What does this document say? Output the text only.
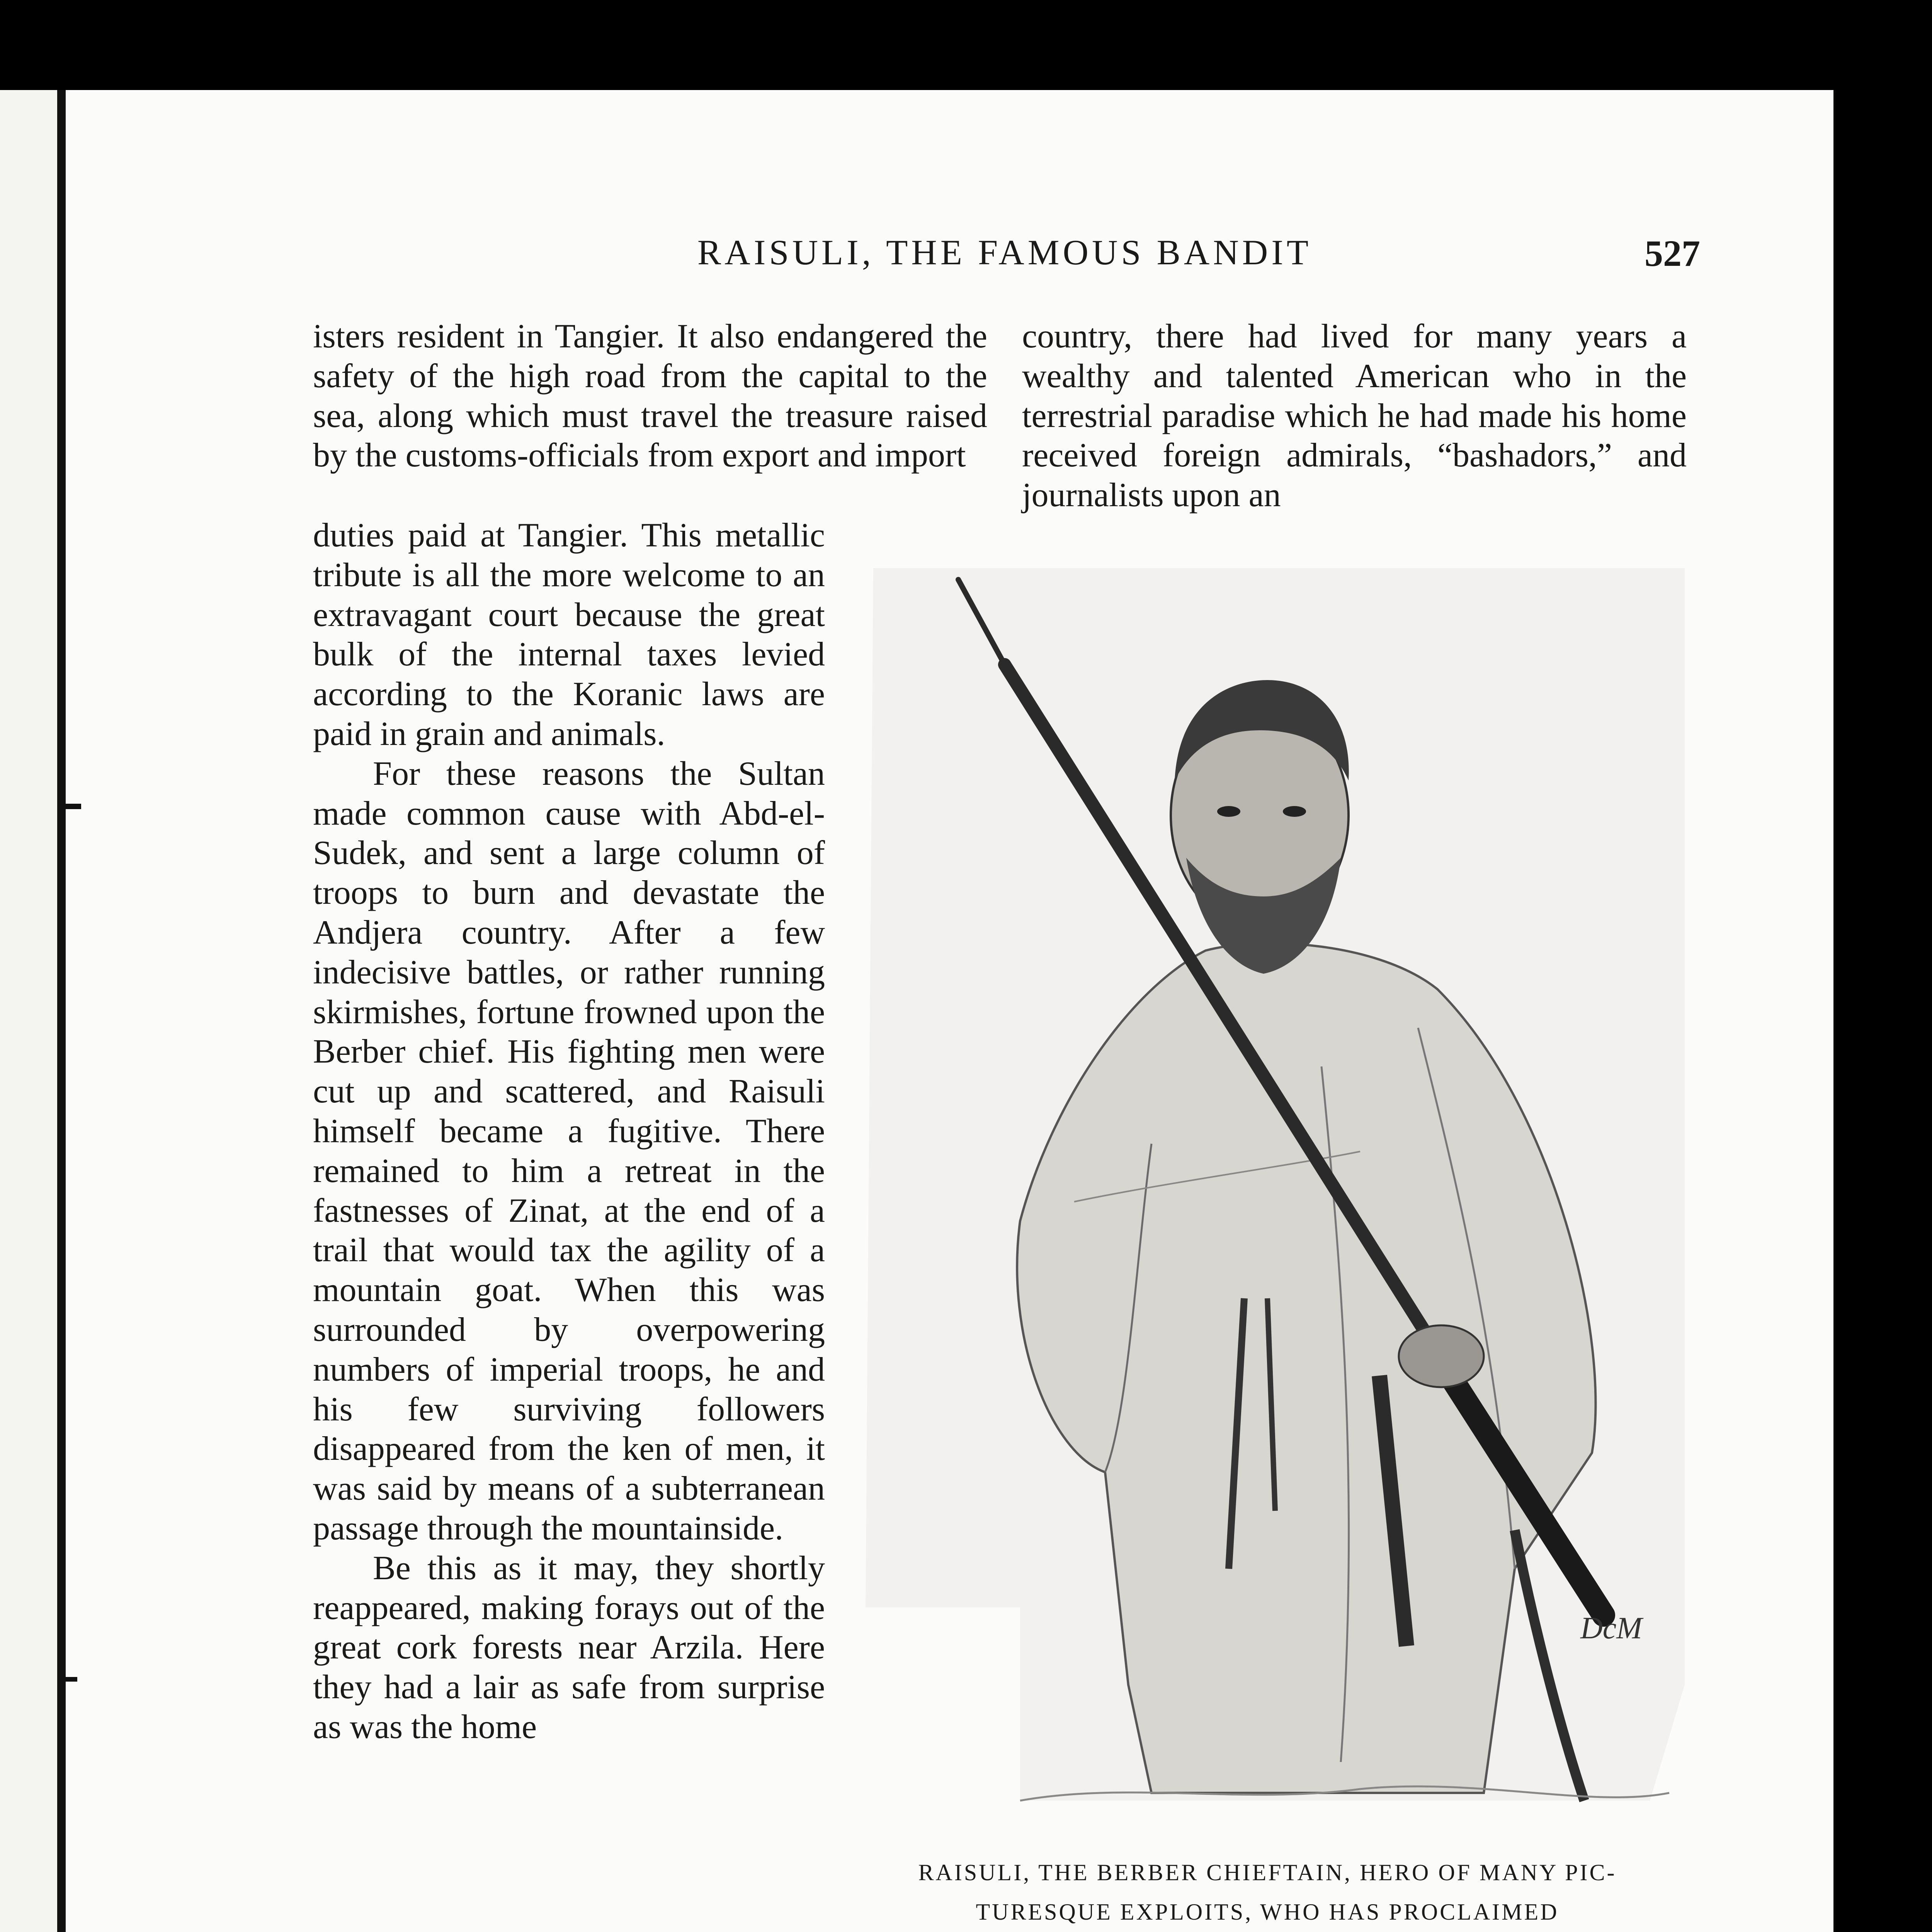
RAISULI, THE FAMOUS BANDIT	527

isters resident in Tangier. It also endangered the safety of the high road from the capital to the sea, along which must travel the treasure raised by the customs-officials from export and import

duties paid at Tangier. This metallic tribute is all the more welcome to an extravagant court because the great bulk of the internal taxes levied according to the Koranic laws are paid in grain and animals.

For these reasons the Sultan made common cause with Abd-el-Sudek, and sent a large column of troops to burn and devastate the Andjera country. After a few indecisive battles, or rather running skirmishes, fortune frowned upon the Berber chief. His fighting men were cut up and scattered, and Raisuli himself became a fugitive. There remained to him a retreat in the fastnesses of Zinat, at the end of a trail that would tax the agility of a mountain goat. When this was surrounded by overpowering numbers of imperial troops, he and his few surviving followers disappeared from the ken of men, it was said by means of a subterranean passage through the mountainside.

Be this as it may, they shortly reappeared, making forays out of the great cork forests near Arzila. Here they had a lair as safe from surprise as was the home

country, there had lived for many years a wealthy and talented American who in the terrestrial paradise which he had made his home received foreign admirals, “bashadors,” and journalists upon an

DcM
RAISULI, THE BERBER CHIEFTAIN, HERO OF MANY PIC-
TURESQUE EXPLOITS, WHO HAS PROCLAIMED
